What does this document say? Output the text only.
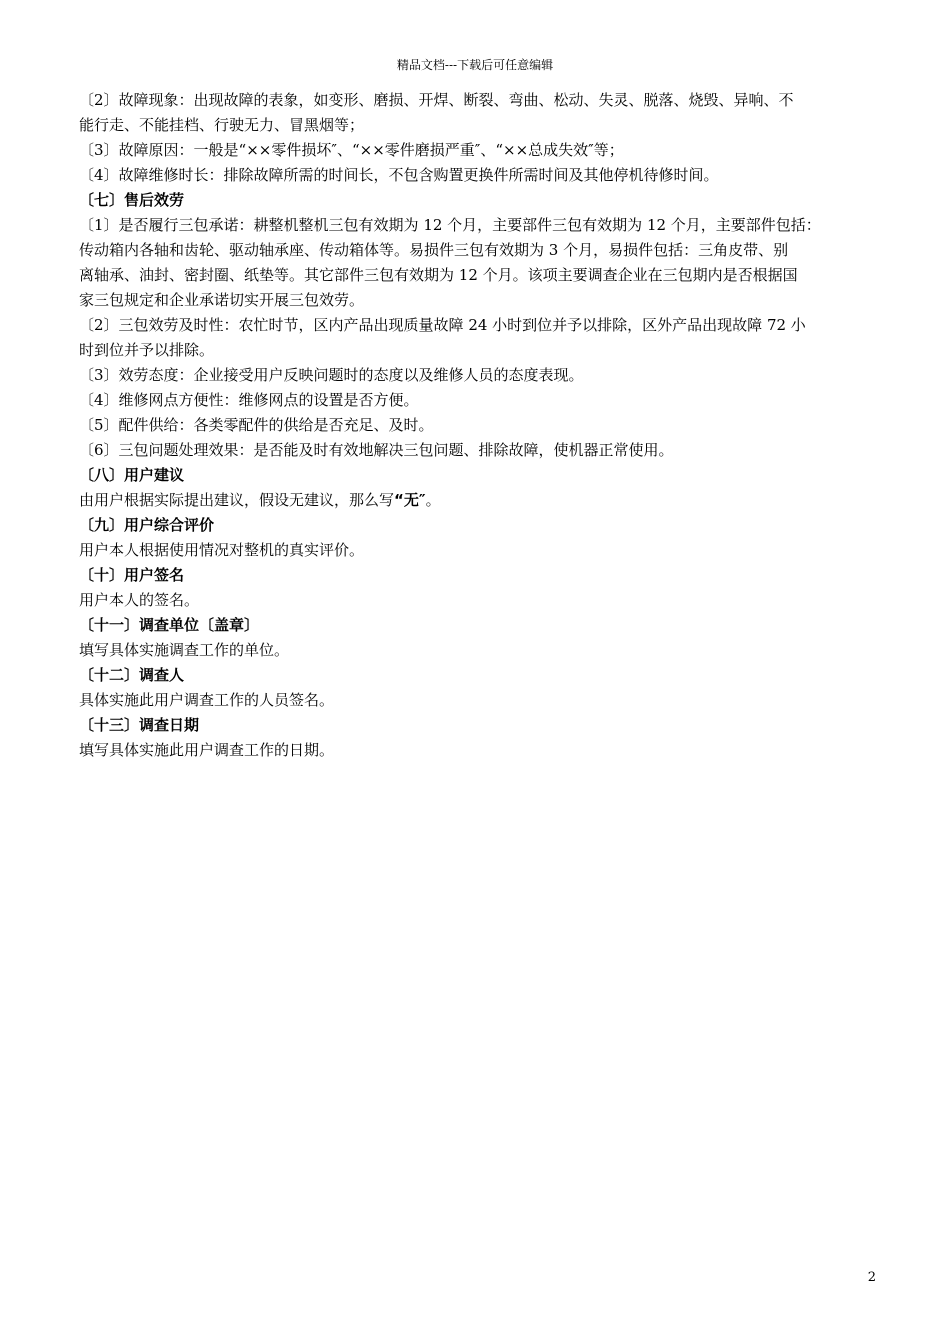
精品文档---下载后可任意编辑

〔2〕故障现象：出现故障的表象，如变形、磨损、开焊、断裂、弯曲、松动、失灵、脱落、烧毁、异响、不

能行走、不能挂档、行驶无力、冒黑烟等；

〔3〕故障原因：一般是“××零件损坏″、“××零件磨损严重″、“××总成失效″等；

〔4〕故障维修时长：排除故障所需的时间长，不包含购置更换件所需时间及其他停机待修时间。

〔七〕售后效劳

〔1〕是否履行三包承诺：耕整机整机三包有效期为 12 个月，主要部件三包有效期为 12 个月，主要部件包括：

传动箱内各轴和齿轮、驱动轴承座、传动箱体等。易损件三包有效期为 3 个月，易损件包括：三角皮带、别

离轴承、油封、密封圈、纸垫等。其它部件三包有效期为 12 个月。该项主要调查企业在三包期内是否根据国

家三包规定和企业承诺切实开展三包效劳。

〔2〕三包效劳及时性：农忙时节，区内产品出现质量故障 24 小时到位并予以排除，区外产品出现故障 72 小

时到位并予以排除。

〔3〕效劳态度：企业接受用户反映问题时的态度以及维修人员的态度表现。

〔4〕维修网点方便性：维修网点的设置是否方便。

〔5〕配件供给：各类零配件的供给是否充足、及时。

〔6〕三包问题处理效果：是否能及时有效地解决三包问题、排除故障，使机器正常使用。

〔八〕用户建议

由用户根据实际提出建议，假设无建议，那么写“无″。

〔九〕用户综合评价

用户本人根据使用情况对整机的真实评价。

〔十〕用户签名

用户本人的签名。

〔十一〕调查单位〔盖章〕

填写具体实施调查工作的单位。

〔十二〕调查人

具体实施此用户调查工作的人员签名。

〔十三〕调查日期

填写具体实施此用户调查工作的日期。

2
